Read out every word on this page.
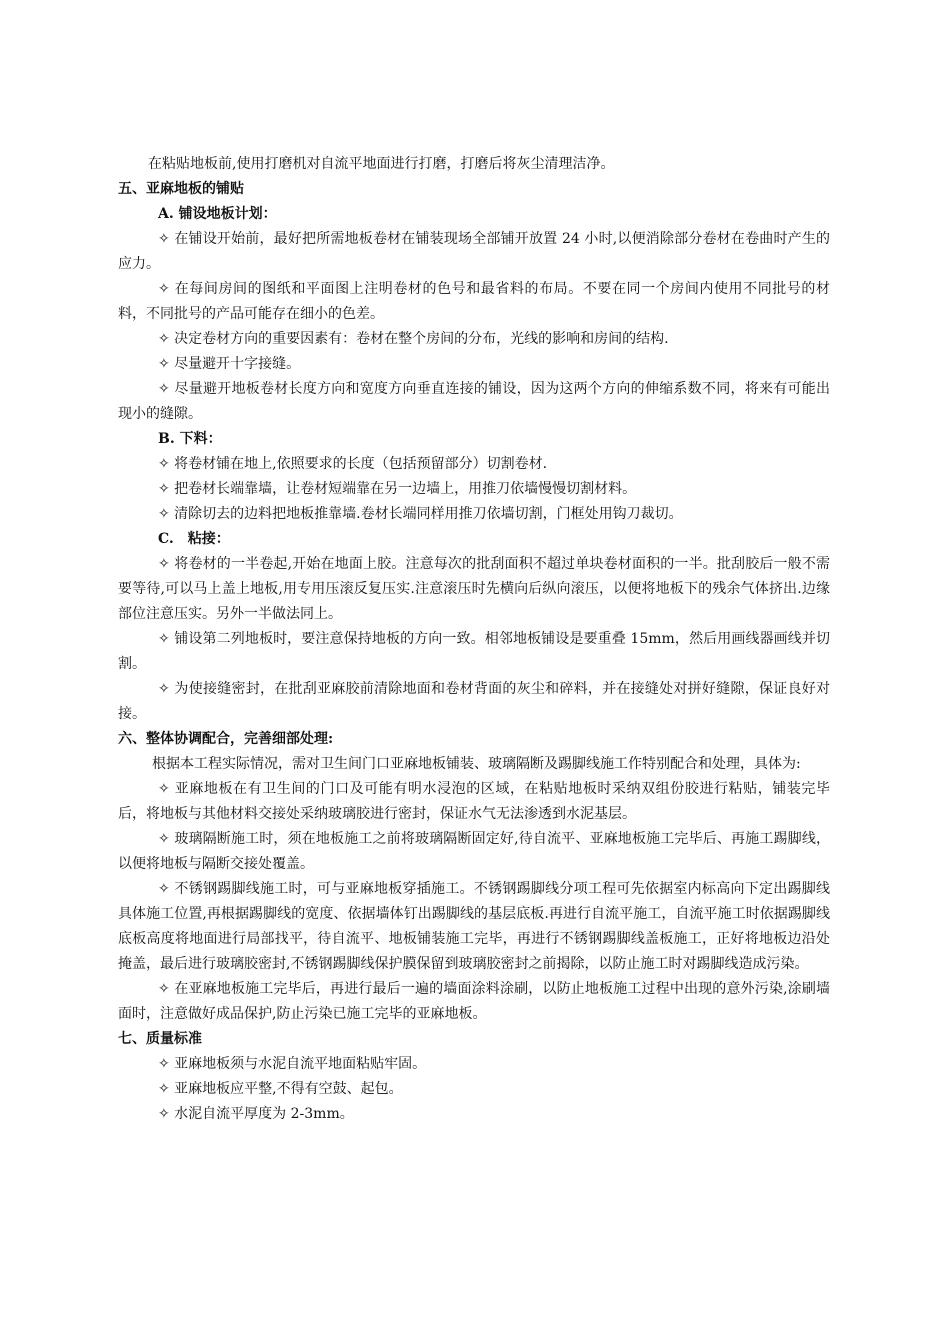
在粘贴地板前,使用打磨机对自流平地面进行打磨，打磨后将灰尘清理洁净。

五、亚麻地板的铺贴

A. 铺设地板计划：

✧ 在铺设开始前，最好把所需地板卷材在铺装现场全部铺开放置 24 小时,以便消除部分卷材在卷曲时产生的应力。

✧ 在每间房间的图纸和平面图上注明卷材的色号和最省料的布局。不要在同一个房间内使用不同批号的材料，不同批号的产品可能存在细小的色差。

✧ 决定卷材方向的重要因素有：卷材在整个房间的分布，光线的影响和房间的结构.

✧ 尽量避开十字接缝。

✧ 尽量避开地板卷材长度方向和宽度方向垂直连接的铺设，因为这两个方向的伸缩系数不同，将来有可能出现小的缝隙。

B. 下料：

✧ 将卷材铺在地上,依照要求的长度（包括预留部分）切割卷材.

✧ 把卷材长端靠墙，让卷材短端靠在另一边墙上，用推刀依墙慢慢切割材料。

✧ 清除切去的边料把地板推靠墙.卷材长端同样用推刀依墙切割，门框处用钩刀裁切。

C.　粘接：

✧ 将卷材的一半卷起,开始在地面上胶。注意每次的批刮面积不超过单块卷材面积的一半。批刮胶后一般不需要等待,可以马上盖上地板,用专用压滚反复压实.注意滚压时先横向后纵向滚压，以便将地板下的残余气体挤出.边缘部位注意压实。另外一半做法同上。

✧ 铺设第二列地板时，要注意保持地板的方向一致。相邻地板铺设是要重叠 15mm，然后用画线器画线并切割。

✧ 为使接缝密封，在批刮亚麻胶前清除地面和卷材背面的灰尘和碎料，并在接缝处对拼好缝隙，保证良好对接。

六、整体协调配合，完善细部处理:

根据本工程实际情况，需对卫生间门口亚麻地板铺装、玻璃隔断及踢脚线施工作特别配合和处理，具体为:

✧ 亚麻地板在有卫生间的门口及可能有明水浸泡的区域，在粘贴地板时采纳双组份胶进行粘贴，铺装完毕后，将地板与其他材料交接处采纳玻璃胶进行密封，保证水气无法渗透到水泥基层。

✧ 玻璃隔断施工时，须在地板施工之前将玻璃隔断固定好,待自流平、亚麻地板施工完毕后、再施工踢脚线，以便将地板与隔断交接处覆盖。

✧ 不锈钢踢脚线施工时，可与亚麻地板穿插施工。不锈钢踢脚线分项工程可先依据室内标高向下定出踢脚线具体施工位置,再根据踢脚线的宽度、依据墙体钉出踢脚线的基层底板.再进行自流平施工，自流平施工时依据踢脚线底板高度将地面进行局部找平，待自流平、地板铺装施工完毕，再进行不锈钢踢脚线盖板施工，正好将地板边沿处掩盖，最后进行玻璃胶密封,不锈钢踢脚线保护膜保留到玻璃胶密封之前揭除，以防止施工时对踢脚线造成污染。

✧ 在亚麻地板施工完毕后，再进行最后一遍的墙面涂料涂刷，以防止地板施工过程中出现的意外污染,涂刷墙面时，注意做好成品保护,防止污染已施工完毕的亚麻地板。

七、质量标准

✧ 亚麻地板须与水泥自流平地面粘贴牢固。

✧ 亚麻地板应平整,不得有空鼓、起包。

✧ 水泥自流平厚度为 2-3mm。
